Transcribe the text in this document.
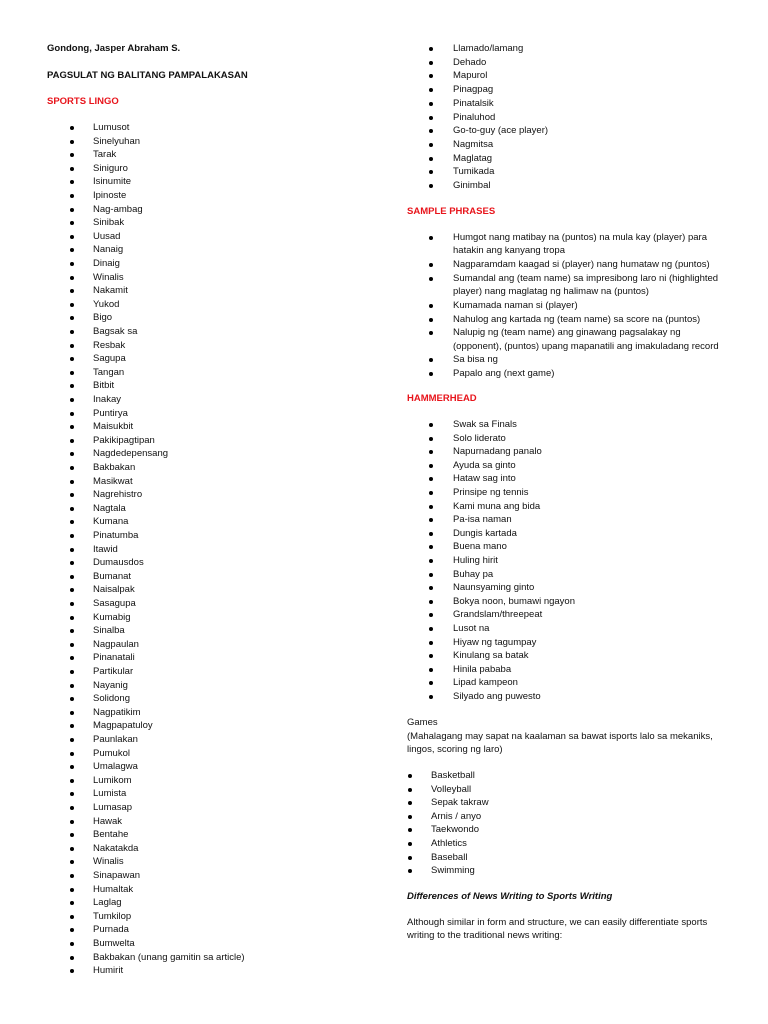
Gondong, Jasper Abraham S.
PAGSULAT NG BALITANG PAMPALAKASAN
SPORTS LINGO
Lumusot
Sinelyuhan
Tarak
Siniguro
Isinumite
Ipinoste
Nag-ambag
Sinibak
Uusad
Nanaig
Dinaig
Winalis
Nakamit
Yukod
Bigo
Bagsak sa
Resbak
Sagupa
Tangan
Bitbit
Inakay
Puntirya
Maisukbit
Pakikipagtipan
Nagdedepensang
Bakbakan
Masikwat
Nagrehistro
Nagtala
Kumana
Pinatumba
Itawid
Dumausdos
Bumanat
Naisalpak
Sasagupa
Kumabig
Sinalba
Nagpaulan
Pinanatali
Partikular
Nayanig
Solidong
Nagpatikim
Magpapatuloy
Paunlakan
Pumukol
Umalagwa
Lumikom
Lumista
Lumasap
Hawak
Bentahe
Nakatakda
Winalis
Sinapawan
Humaltak
Laglag
Tumkilop
Purnada
Bumwelta
Bakbakan (unang gamitin sa article)
Humirit
Llamado/lamang
Dehado
Mapurol
Pinagpag
Pinatalsik
Pinaluhod
Go-to-guy (ace player)
Nagmitsa
Maglatag
Tumikada
Ginimbal
SAMPLE PHRASES
Humgot nang matibay na (puntos) na mula kay (player) para
hatakin ang kanyang tropa
Nagparamdam kaagad si (player) nang humataw ng (puntos)
Sumandal ang (team name) sa impresibong laro ni (highlighted
player) nang maglatag ng halimaw na (puntos)
Kumamada naman si (player)
Nahulog ang kartada ng (team name) sa score na (puntos)
Nalupig ng (team name) ang ginawang pagsalakay ng
(opponent), (puntos) upang mapanatili ang imakuladang record
Sa bisa ng
Papalo ang (next game)
HAMMERHEAD
Swak sa Finals
Solo liderato
Napurnadang panalo
Ayuda sa ginto
Hataw sag into
Prinsipe ng tennis
Kami muna ang bida
Pa-isa naman
Dungis kartada
Buena mano
Huling hirit
Buhay pa
Naunsyaming ginto
Bokya noon, bumawi ngayon
Grandslam/threepeat
Lusot na
Hiyaw ng tagumpay
Kinulang sa batak
Hinila pababa
Lipad kampeon
Silyado ang puwesto
Games
(Mahalagang may sapat na kaalaman sa bawat isports lalo sa mekaniks,
lingos, scoring ng laro)
Basketball
Volleyball
Sepak takraw
Arnis / anyo
Taekwondo
Athletics
Baseball
Swimming
Differences of News Writing to Sports Writing
Although similar in form and structure, we can easily differentiate sports
writing to the traditional news writing:
